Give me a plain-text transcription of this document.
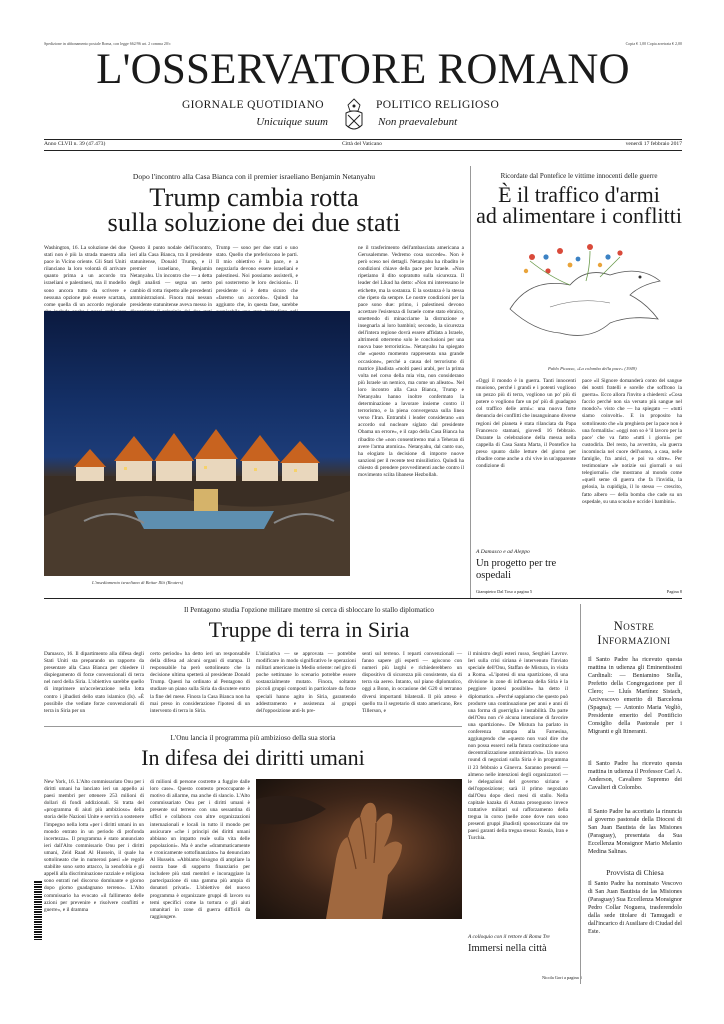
Spedizione in abbonamento postale Roma, con legge 662/96 art. 2 comma 20/c	Copia € 1,00 Copia arretrata € 2,00
L'OSSERVATORE ROMANO
GIORNALE QUOTIDIANO	POLITICO RELIGIOSO
Unicuique suum	Non praevalebunt
Anno CLVII n. 39 (47.473)	Città del Vaticano	venerdì 17 febbraio 2017
Dopo l'incontro alla Casa Bianca con il premier israeliano Benjamin Netanyahu
Trump cambia rotta
sulla soluzione dei due stati

Washington, 16. La soluzione dei due stati non è più la strada maestra alla pace in Vicino oriente. Gli Stati Uniti rilanciano la loro volontà di arrivare quanto prima a un accordo tra israeliani e palestinesi, ma il modello sono ancora tutto da scrivere e nessuna opzione può essere scartata, come quella di un accordo regionale

Questo il punto nodale dell'incontro, ieri alla Casa Bianca, tra il presidente statunitense, Donald Trump, e il premier israeliano, Benjamin Netanyahu. Un incontro che — a detta degli analisti — segna un netto cambio di rotta rispetto alle precedenti amministrazioni. Finora mai nessun presidente statunitense aveva messo in

Trump — sono per due stati o uno stato. Quello che preferiscono le parti. Il mio obiettivo è la pace, e a negoziarla devono essere israeliani e palestinesi. Noi possiamo assisterli, e poi sosterremo le loro decisioni». Il presidente si è detto sicuro che «faremo un accordo». Quindi ha aggiunto che, in questa fase, sarebbe

ne il trasferimento dell'ambasciata americana a Gerusalemme. Vedremo cosa succede». Non è però sceso nei dettagli. Netanyahu ha ribadito le condizioni chiave della pace per Israele. «Non ripetiamo il dito sopratutto sulla sicurezza. Il leader del Likud ha detto: «Non mi interessano le etichette, ma la sostanza. E la sostanza è la stessa che ripeto da sempre. Le nostre condizioni per la pace sono due: primo, i palestinesi devono accettare l'esistenza di Israele come stato ebraico, smettendo di minacciarne la distruzione e insegnarla ai loro bambini; secondo, la sicurezza dell'intera regione dovrà essere affidata a Israele, altrimenti otterremo solo le conclusioni per una nuova base terroristica». Netanyahu ha spiegato che «questo momento rappresenta una grande occasione», perché a causa del terrorismo di matrice jihadista «molti paesi arabi, per la prima volta nel corso della mia vita, non considerano più Israele un nemico, ma come un alleato». Nel loro incontro alla Casa Bianca, Trump e Netanyahu hanno inoltre confermato la determinazione a lavorare insieme contro il terrorismo, e la piena convergenza sulla linea verso l'Iran. Entrambi i leader considerano «un accordo sul nucleare siglato dal presidente Obama un errore», e il capo della Casa Bianca ha ribadito che «non consentiremo mai a Teheran di avere l'arma atomica». Netanyahu, dal canto suo, ha elogiato la decisione di imporre nuove sanzioni per il recente test missilistico. Quindi ha chiesto di prendere provvedimenti anche contro il movimento sciita libanese Hezbollah.

L'insediamento israeliano di Beitar Illit (Reuters)
Ricordate dal Pontefice le vittime innocenti delle guerre
È il traffico d'armi
ad alimentare i conflitti
Pablo Picasso, «La colomba della pace» (1949)

«Oggi il mondo è in guerra. Tanti innocenti muoiono, perché i grandi e i potenti vogliono un pezzo più di terra, vogliono un po' più di potere o vogliono fare un po' più di guadagno col traffico delle armi»: una nuova forte denuncia dei conflitti che insanguinano diverse regioni del pianeta è stata rilanciata da Papa Francesco stamani, giovedì 16 febbraio. Durante la celebrazione della messa nella cappella di Casa Santa Marta, il Pontefice ha preso spunto dalle letture del giorno per ribadire come anche a chi vive in un'apparente condizione di

pace «il Signore domanderà conto del sangue dei nostri fratelli e sorelle che soffrono la guerra». Ecco allora l'invito a chiedersi: «Cosa faccio perché non sia versato più sangue nel mondo?» visto che — ha spiegato — «tutti siamo coinvolti». E in proposito ha sottolineato che «la preghiera per la pace non è una formalità»: «oggi non so è 'il lavoro per la pace' che va fatto «tutti i giorni» per custodirla. Del resto, ha avvertito, «la guerra incomincia nel cuore dell'uomo, a casa, nelle famiglie, fra amici, e poi va oltre». Per testimoniare «le notizie sui giornali o sui telegiornali» che mostrano al mondo come «quell seme di guerra che fa l'invidia, la gelosia, la cupidigia, il lo stesso — crescito, fatto albero — della bomba che cade su un ospedale, su una scuola e uccide i bambini».

A Damasco e ad Aleppo
Un progetto per tre ospedali
Giampietro Dal Toso a pagina 5	Pagina 8
Il Pentagono studia l'opzione militare mentre si cerca di sbloccare lo stallo diplomatico
Truppe di terra in Siria

Damasco, 16. Il dipartimento alla difesa degli Stati Uniti sta preparando un rapporto da presentare alla Casa Bianca per chiedere il dispiegamento di forze convenzionali di terra nel nord della Siria. L'obiettivo sarebbe quello di imprimere un'accelerazione nella lotta contro i jihadisti dello stato islamico (Is). «È possibile che vediate forze convenzionali di terra in Siria per un

certo periodo» ha detto ieri un responsabile della difesa ad alcuni organi di stampa. Il responsabile ha però sottolineato che la decisione ultima spetterà al presidente Donald Trump. Questi ha ordinato al Pentagono di studiare un piano sulla Siria da discutere entro la fine del mese. Finora la Casa Bianca non ha mai preso in considerazione l'ipotesi di un intervento di terra in Siria.

L'iniziativa — se approvata — potrebbe modificare in modo significativo le operazioni militari americane in Medio oriente: nel giro di poche settimane lo scenario potrebbe essere sostanzialmente mutato. Finora, soltanto piccoli gruppi composti in particolare da forze speciali hanno agito in Siria, garantendo addestramento e assistenza ai gruppi dell'opposizione anti-Is pre-

senti sul terreno. I reparti convenzionali — fanno sapere gli esperti — agiscono con numeri più larghi e richiederebbero un dispositivo di sicurezza più consistente, sia di terra sia aereo. Intanto, sul piano diplomatico, oggi a Bonn, in occasione del G20 si terranno diversi importanti bilaterali. Il più atteso è quello tra il segretario di stato americano, Rex Tillerson, e

il ministro degli esteri russo, Serghiei Lavrov. Ieri sulla crisi siriana è intervenuto l'inviato speciale dell'Onu, Staffan de Mistura, in visita a Roma. «L'ipotesi di una spartizione, di una divisione in zone di influenza della Siria è la peggiore ipotesi possibile» ha detto il diplomatico. «Perché sappiamo che questo può produrre una continuazione per anni e anni di una forma di guerriglia e instabilità. Da parte dell'Onu non c'è alcuna intenzione di favorire una spartizione». De Mistura ha parlato in conferenza stampa alla Farnesina, aggiungendo che «questo non vuol dire che non possa esserci nella futura costituzione una decentralizzazione amministrativa». Un nuovo round di negoziati sulla Siria è in programma il 23 febbraio a Ginevra. Saranno presenti — almeno nelle intenzioni degli organizzatori — le delegazioni del governo siriano e dell'opposizione; sarà il primo negoziato dall'Onu dopo dieci mesi di stallo. Nella capitale kazaka di Astana proseguono invece trattative militari sul rafforzamento della tregua in corso (nelle zone dove non sono presenti gruppi jihadisti) sponsorizzate dai tre paesi garanti della tregua stessa: Russia, Iran e Turchia.

L'Onu lancia il programma più ambizioso della sua storia
In difesa dei diritti umani

New York, 16. L'Alto commissariato Onu per i diritti umani ha lanciato ieri un appello ai paesi membri per ottenere 253 milioni di dollari di fondi addizionali. Si tratta del «programma di aiuti più ambizioso» della storia delle Nazioni Unite e servirà a sostenere l'impegno nella lotta «per i diritti umani in un mondo entrato in un periodo di profonda incertezza». Il programma è stato annunciato ieri dall'Alto commissario Onu per i diritti umani, Zeid Raad Al Hussein, il quale ha sottolineato che in numerosi paesi «le regole stabilite sono sotto attacco, la xenofobia e gli appelli alla discriminazione razziale e religiosa sono entrati nel discorso dominante e giorno dopo giorno guadagnano terreno». L'Alto commissario ha evocato «il fallimento delle azioni per prevenire e risolvere conflitti e guerre», e il dramma

di milioni di persone costrette a fuggire dalle loro case». Questo contesto preoccupante è motivo di allarme, ma anche di slancio. L'Alto commissariato Onu per i diritti umani è presente sul terreno con una sessantina di uffici e collabora con altre organizzazioni internazionali e locali in tutto il mondo per assicurare «che i principi dei diritti umani abbiano un impatto reale sulla vita delle popolazioni». Ma è anche «drammaticamente e cronicamente sottofinanziato» ha denunciato Al Hussein. «Abbiamo bisogno di ampliare la nostra base di supporto finanziario per includere più stati membri e incoraggiare la partecipazione di una gamma più ampia di donatori privati». L'obiettivo del nuovo programma è organizzare gruppi di lavoro su temi specifici come la tortura o gli aiuti umanitari in zone di guerra difficili da raggiungere.

A colloquio con il rettore di Roma Tre
Immersi nella città
Nicola Gori a pagina 5
Nostre
Informazioni
Il Santo Padre ha ricevuto questa mattina in udienza gli Eminentissimi Cardinali: — Beniamino Stella, Prefetto della Congregazione per il Clero; — Lluís Martínez Sistach, Arcivescovo emerito di Barcelona (Spagna); — Antonio Maria Vegliò, Presidente emerito del Pontificio Consiglio della Pastorale per i Migranti e gli Itineranti.
Il Santo Padre ha ricevuto questa mattina in udienza il Professor Carl A. Anderson, Cavaliere Supremo dei Cavalieri di Colombo.
Il Santo Padre ha accettato la rinuncia al governo pastorale della Diocesi di San Juan Bautista de las Misiones (Paraguay), presentata da Sua Eccellenza Monsignor Mario Melanio Medina Salinas.
Provvista di Chiesa
Il Santo Padre ha nominato Vescovo di San Juan Bautista de las Misiones (Paraguay) Sua Eccellenza Monsignor Pedro Collar Noguera, trasferendolo dalla sede titolare di Tamugadi e dall'incarico di Ausiliare di Ciudad del Este.
